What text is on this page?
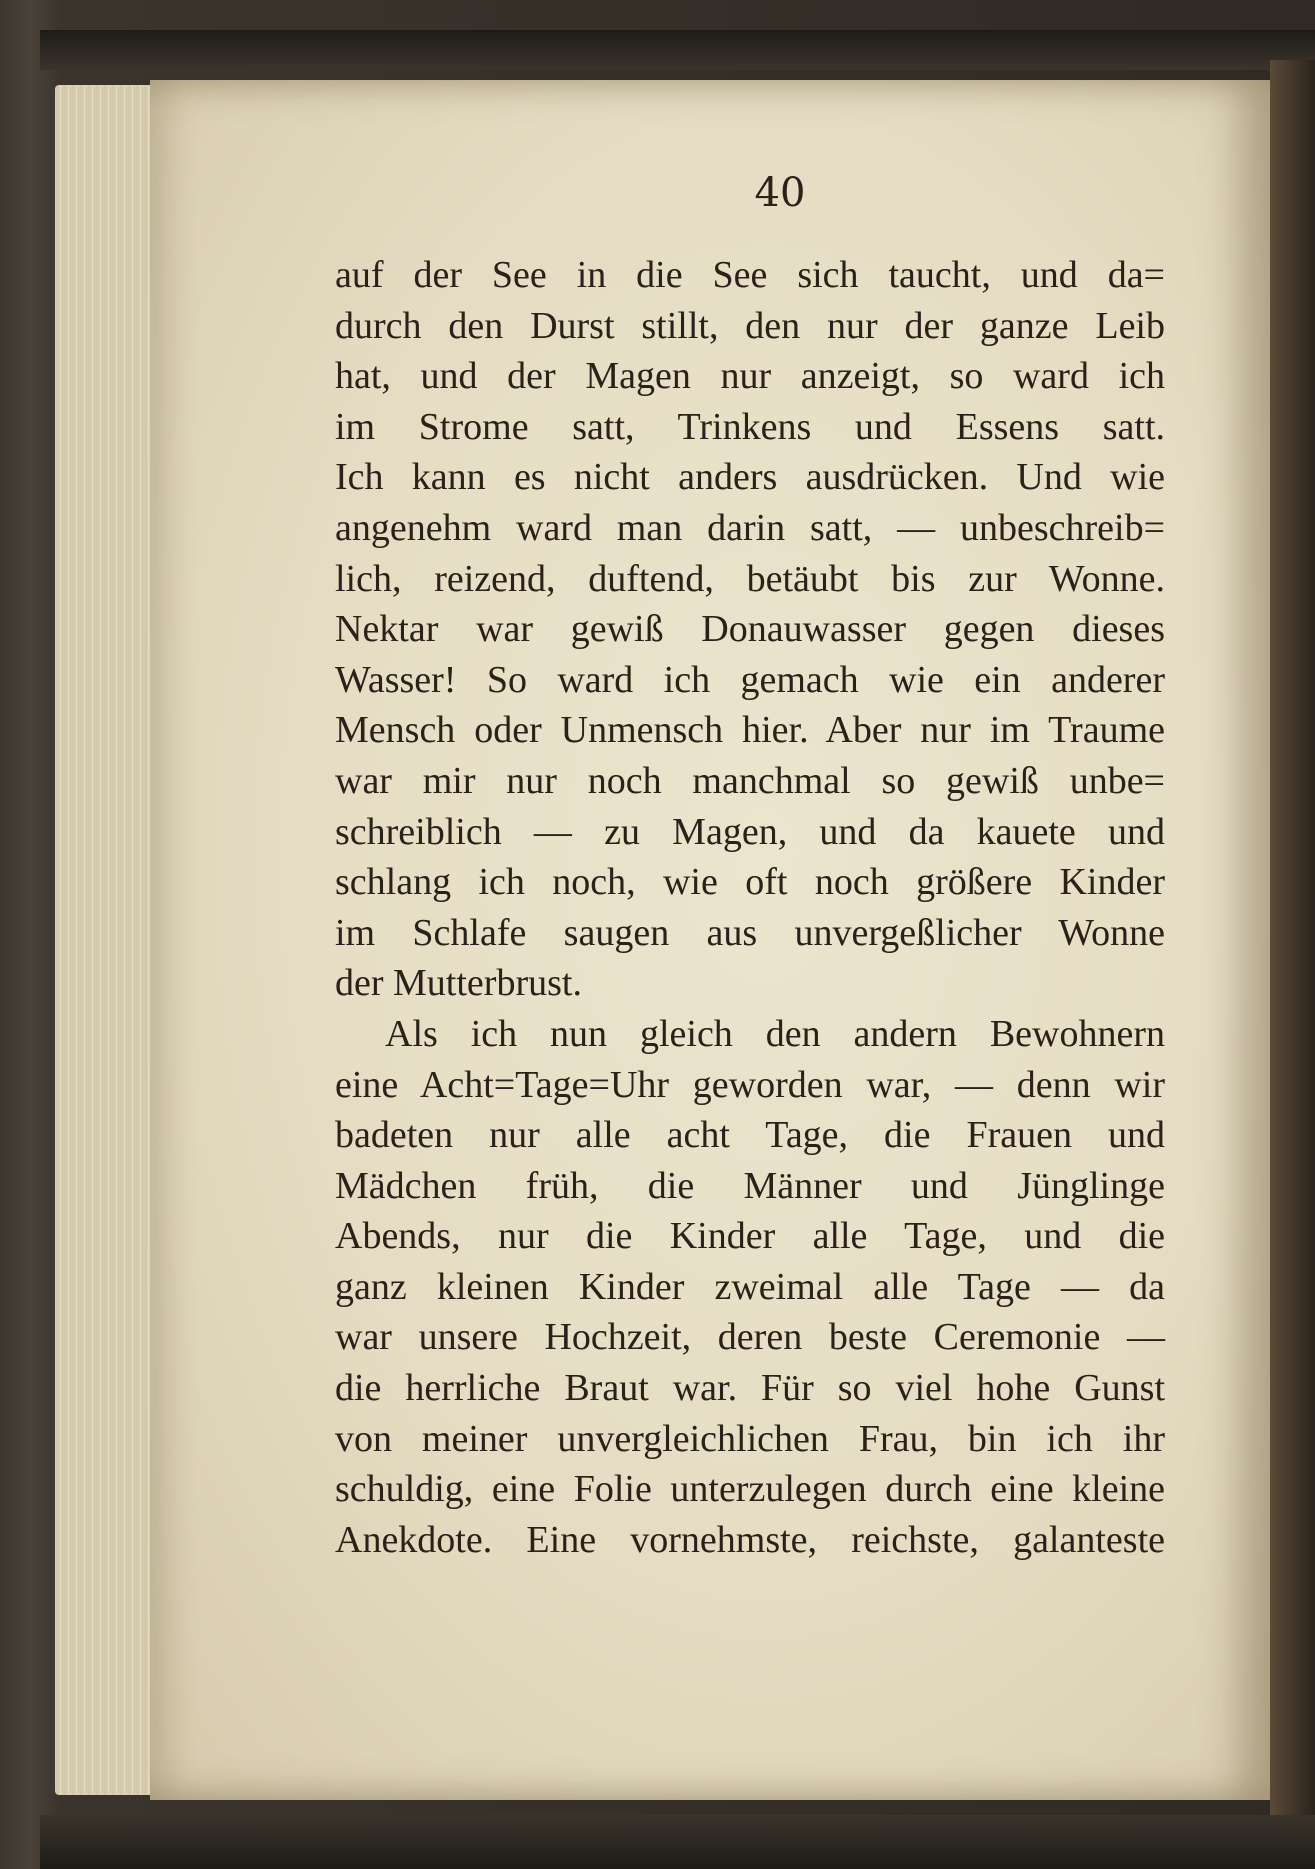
40
auf der See in die See sich taucht, und da=
durch den Durst stillt, den nur der ganze Leib
hat, und der Magen nur anzeigt, so ward ich
im Strome satt, Trinkens und Essens satt.
Ich kann es nicht anders ausdrücken. Und wie
angenehm ward man darin satt, — unbeschreib=
lich, reizend, duftend, betäubt bis zur Wonne.
Nektar war gewiß Donauwasser gegen dieses
Wasser! So ward ich gemach wie ein anderer
Mensch oder Unmensch hier. Aber nur im Traume
war mir nur noch manchmal so gewiß unbe=
schreiblich — zu Magen, und da kauete und
schlang ich noch, wie oft noch größere Kinder
im Schlafe saugen aus unvergeßlicher Wonne
der Mutterbrust.
Als ich nun gleich den andern Bewohnern
eine Acht=Tage=Uhr geworden war, — denn wir
badeten nur alle acht Tage, die Frauen und
Mädchen früh, die Männer und Jünglinge
Abends, nur die Kinder alle Tage, und die
ganz kleinen Kinder zweimal alle Tage — da
war unsere Hochzeit, deren beste Ceremonie —
die herrliche Braut war. Für so viel hohe Gunst
von meiner unvergleichlichen Frau, bin ich ihr
schuldig, eine Folie unterzulegen durch eine kleine
Anekdote. Eine vornehmste, reichste, galanteste
